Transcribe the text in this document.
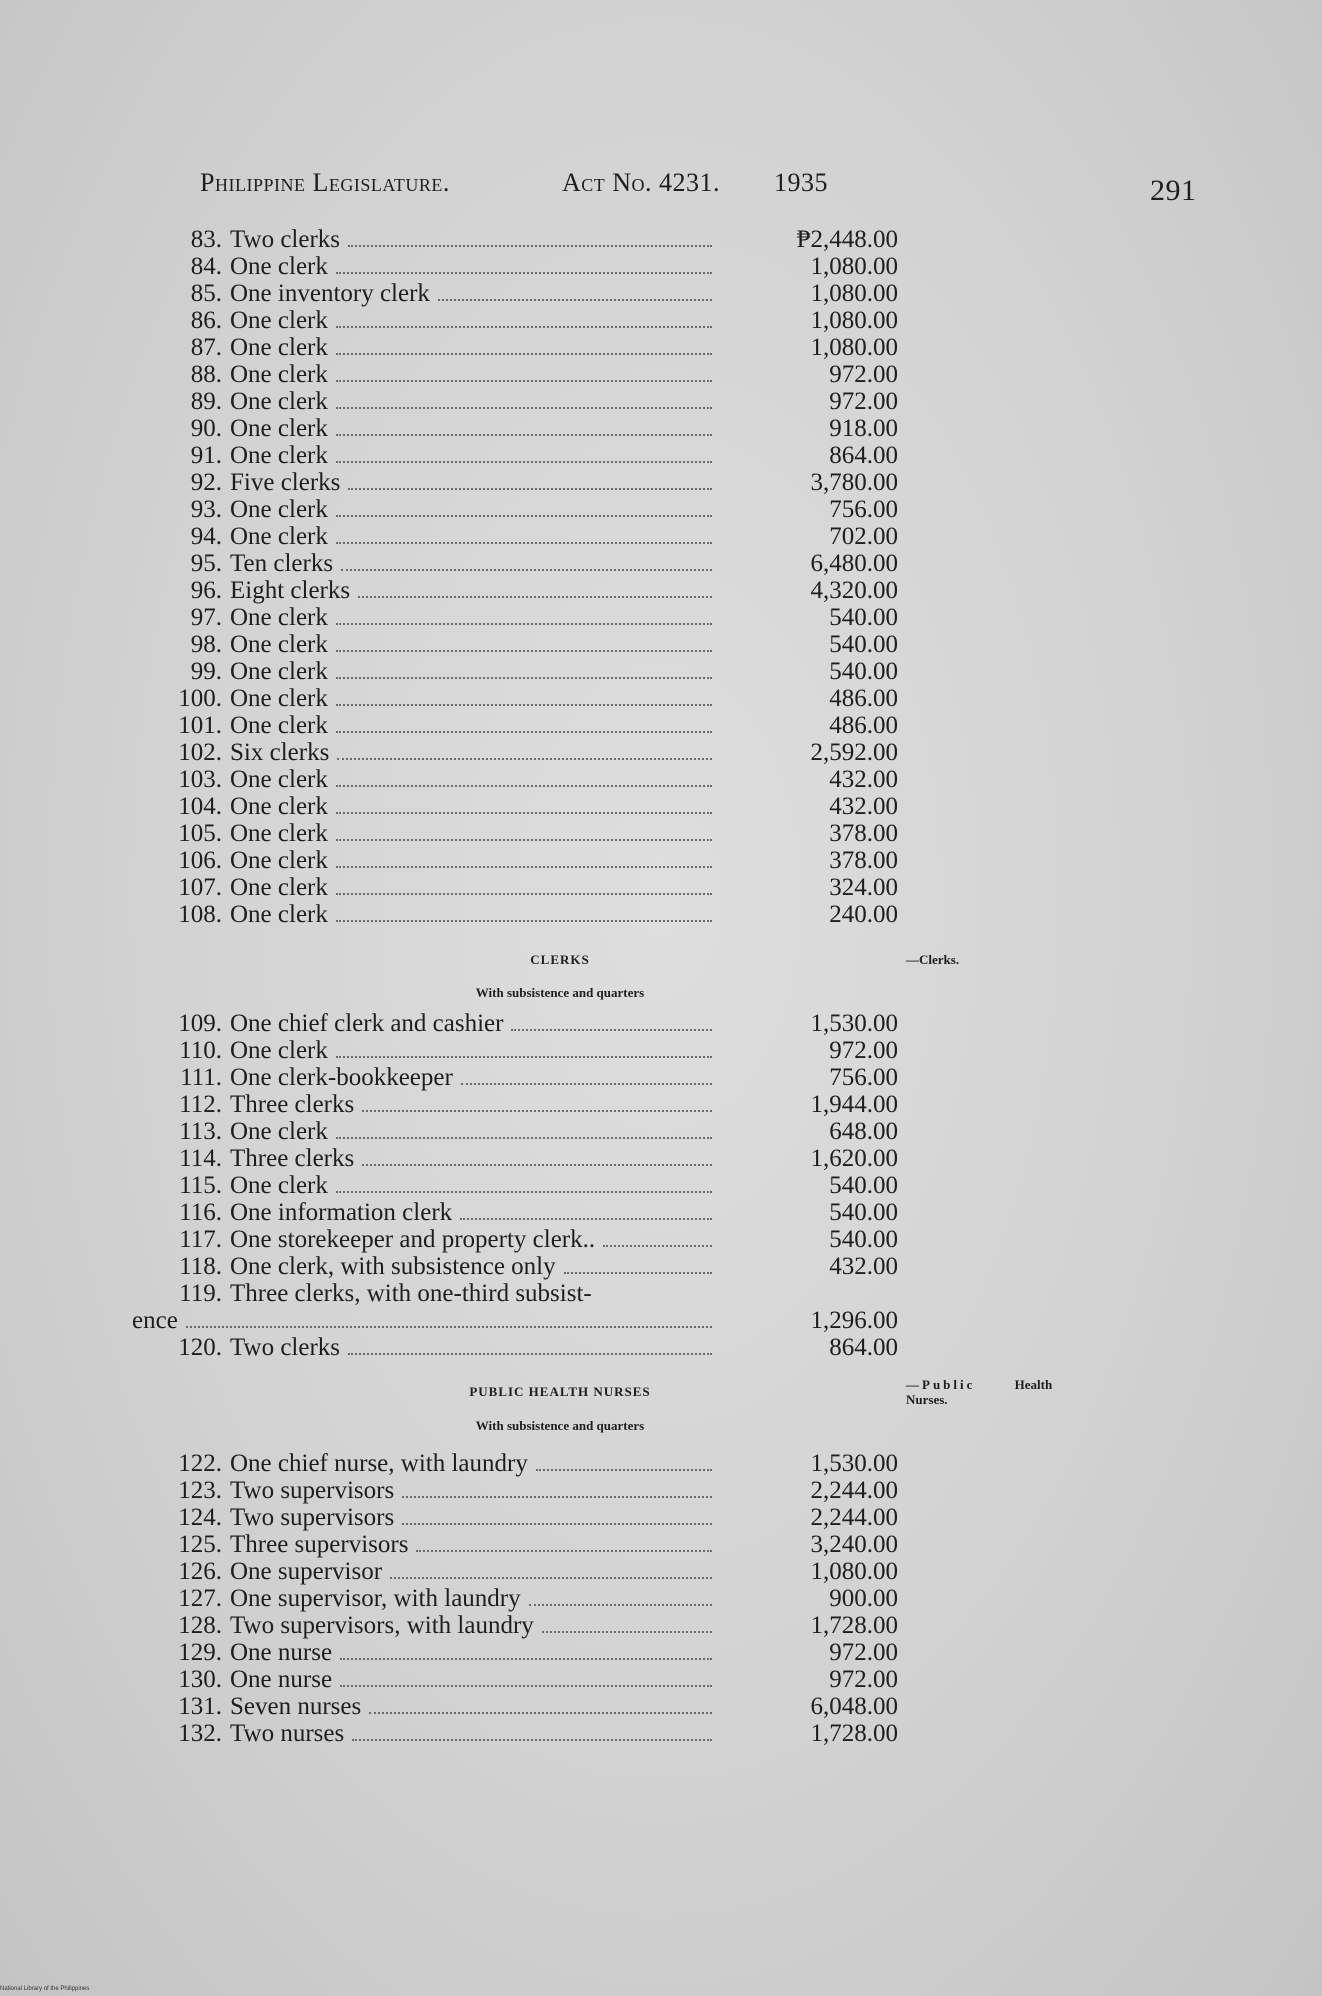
Philippine Legislature.	Act No. 4231. 1935	291
83. Two clerks	₱2,448.00
84. One clerk	1,080.00
85. One inventory clerk	1,080.00
86. One clerk	1,080.00
87. One clerk	1,080.00
88. One clerk	972.00
89. One clerk	972.00
90. One clerk	918.00
91. One clerk	864.00
92. Five clerks	3,780.00
93. One clerk	756.00
94. One clerk	702.00
95. Ten clerks	6,480.00
96. Eight clerks	4,320.00
97. One clerk	540.00
98. One clerk	540.00
99. One clerk	540.00
100. One clerk	486.00
101. One clerk	486.00
102. Six clerks	2,592.00
103. One clerk	432.00
104. One clerk	432.00
105. One clerk	378.00
106. One clerk	378.00
107. One clerk	324.00
108. One clerk	240.00
CLERKS	—Clerks.
With subsistence and quarters
109. One chief clerk and cashier	1,530.00
110. One clerk	972.00
111. One clerk-bookkeeper	756.00
112. Three clerks	1,944.00
113. One clerk	648.00
114. Three clerks	1,620.00
115. One clerk	540.00
116. One information clerk	540.00
117. One storekeeper and property clerk..	540.00
118. One clerk, with subsistence only	432.00
119. Three clerks, with one-third subsist-
ence	1,296.00
120. Two clerks	864.00
PUBLIC HEALTH NURSES	—Public	Health
Nurses.
With subsistence and quarters
122. One chief nurse, with laundry	1,530.00
123. Two supervisors	2,244.00
124. Two supervisors	2,244.00
125. Three supervisors	3,240.00
126. One supervisor	1,080.00
127. One supervisor, with laundry	900.00
128. Two supervisors, with laundry	1,728.00
129. One nurse	972.00
130. One nurse	972.00
131. Seven nurses	6,048.00
132. Two nurses	1,728.00
National Library of the Philippines
